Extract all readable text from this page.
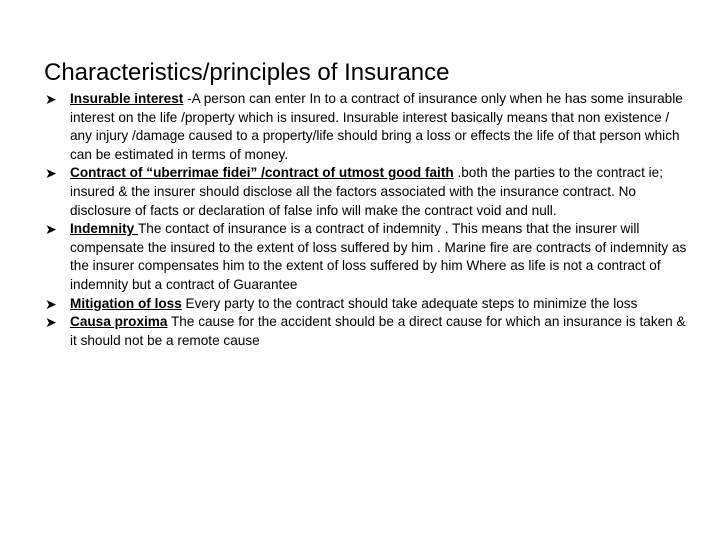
Characteristics/principles of Insurance
➤ Insurable interest -A person can enter In to a contract of insurance only when he has some insurable interest on the life /property which is insured. Insurable interest basically means that non existence / any injury /damage caused to a property/life should bring a loss or effects the life of that person which can be estimated in terms of money.
➤ Contract of “uberrimae fidei” /contract of utmost good faith .both the parties to the contract ie; insured & the insurer should disclose all the factors associated with the insurance contract. No disclosure of facts or declaration of false info will make the contract void and null.
➤ Indemnity The contact of insurance is a contract of indemnity . This means that the insurer will compensate the insured to the extent of loss suffered by him . Marine fire are contracts of indemnity as the insurer compensates him to the extent of loss suffered by him Where as life is not a contract of indemnity but a contract of Guarantee
➤ Mitigation of loss Every party to the contract should take adequate steps to minimize the loss
➤ Causa proxima The cause for the accident should be a direct cause for which an insurance is taken & it should not be a remote cause
